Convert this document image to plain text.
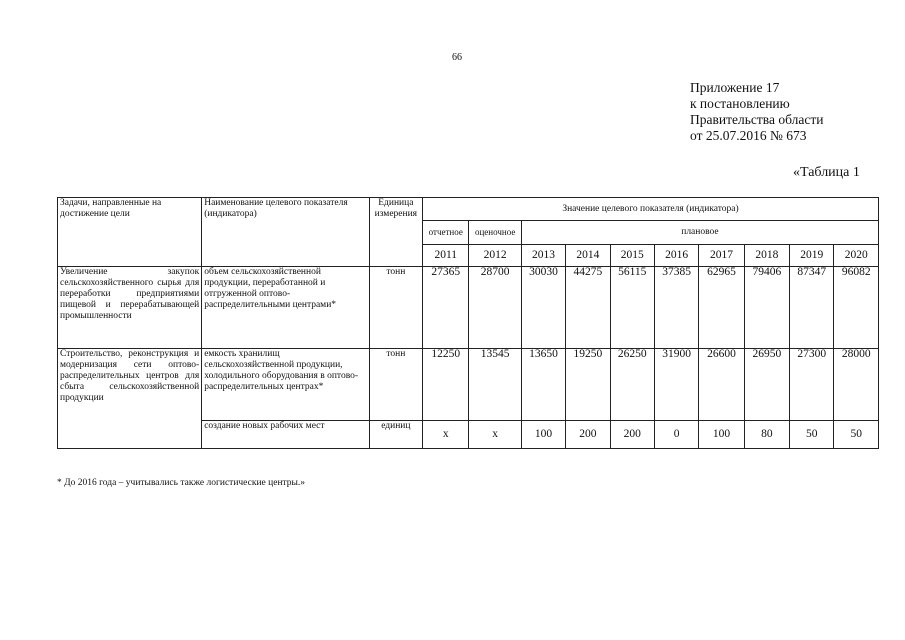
66
Приложение 17
к постановлению
Правительства области
от 25.07.2016 № 673
«Таблица 1
Задачи, направленные на достижение цели	Наименование целевого показателя (индикатора)	Единица измерения	Значение целевого показателя (индикатора)									
			отчетное	оценочное	плановое							
			2011	2012	2013	2014	2015	2016	2017	2018	2019	2020
Увеличение закупок сельскохозяйственного сырья для переработки предприятиями пищевой и перерабатывающей промышленности	объем сельскохозяйственной продукции, переработанной и отгруженной оптово-распределительными центрами*	тонн	27365	28700	30030	44275	56115	37385	62965	79406	87347	96082
Строительство, реконструкция и модернизация сети оптово-распределительных центров для сбыта сельскохозяйственной продукции	емкость хранилищ сельскохозяйственной продукции, холодильного оборудования в оптово-распределительных центрах*	тонн	12250	13545	13650	19250	26250	31900	26600	26950	27300	28000
	создание новых рабочих мест	единиц	x	x	100	200	200	0	100	80	50	50
* До 2016 года – учитывались также логистические центры.»
